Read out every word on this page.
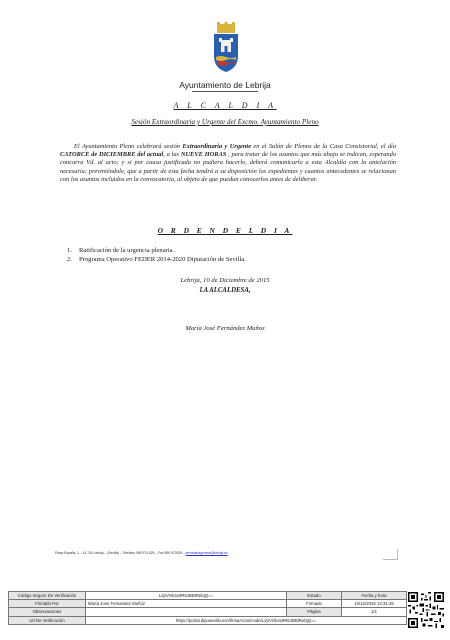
Ayuntamiento de Lebrija
A L C A L D I A
Sesión Extraordinaria y Urgente del Excmo. Ayuntamiento Pleno

El Ayuntamiento Pleno celebrará sesión Extraordinaria y Urgente en el Salón de Plenos de la Casa Consistorial, el día CATORCE de DICIEMBRE del actual, a las NUEVE HORAS , para tratar de los asuntos que más abajo se indican, esperando concurra Vd. al acto; y si por causa justificada no pudiera hacerlo, deberá comunicarlo a esta Alcaldía con la antelación necesaria; previniéndole, que a partir de esta fecha tendrá a su disposición los expedientes y cuantos antecedentes se relacionan con los asuntos incluidos en la convocatoria, al objeto de que puedan conocerlos antes de deliberar.

O R D E N D E L D I A
1. Ratificación de la urgencia plenaria.
2. Programa Operativo FEDER 2014-2020 Diputación de Sevilla.
Lebrija, 10 de Diciembre de 2015
LA ALCALDESA,
María José Fernández Muñoz
Plaza España, 1 – 41.740 Lebrija – (Sevilla) – Teléfono 955 974 525 – Fax 955 972928 – secretariageneral@lebrija.es
Código Seguro De Verificación	L2jrVGk4x9R6JBBIRebjQ==	Estado	Fecha y hora
Firmado Por	María Jose Fernandez Muñoz	Firmado	10/12/2015 14:31:46
Observaciones		Página	1/1
Url De Verificación	https://portal.dipusevilla.es/vfirmaActos/code/L2jrVGk4x9R6JBBIRebjQ==		
